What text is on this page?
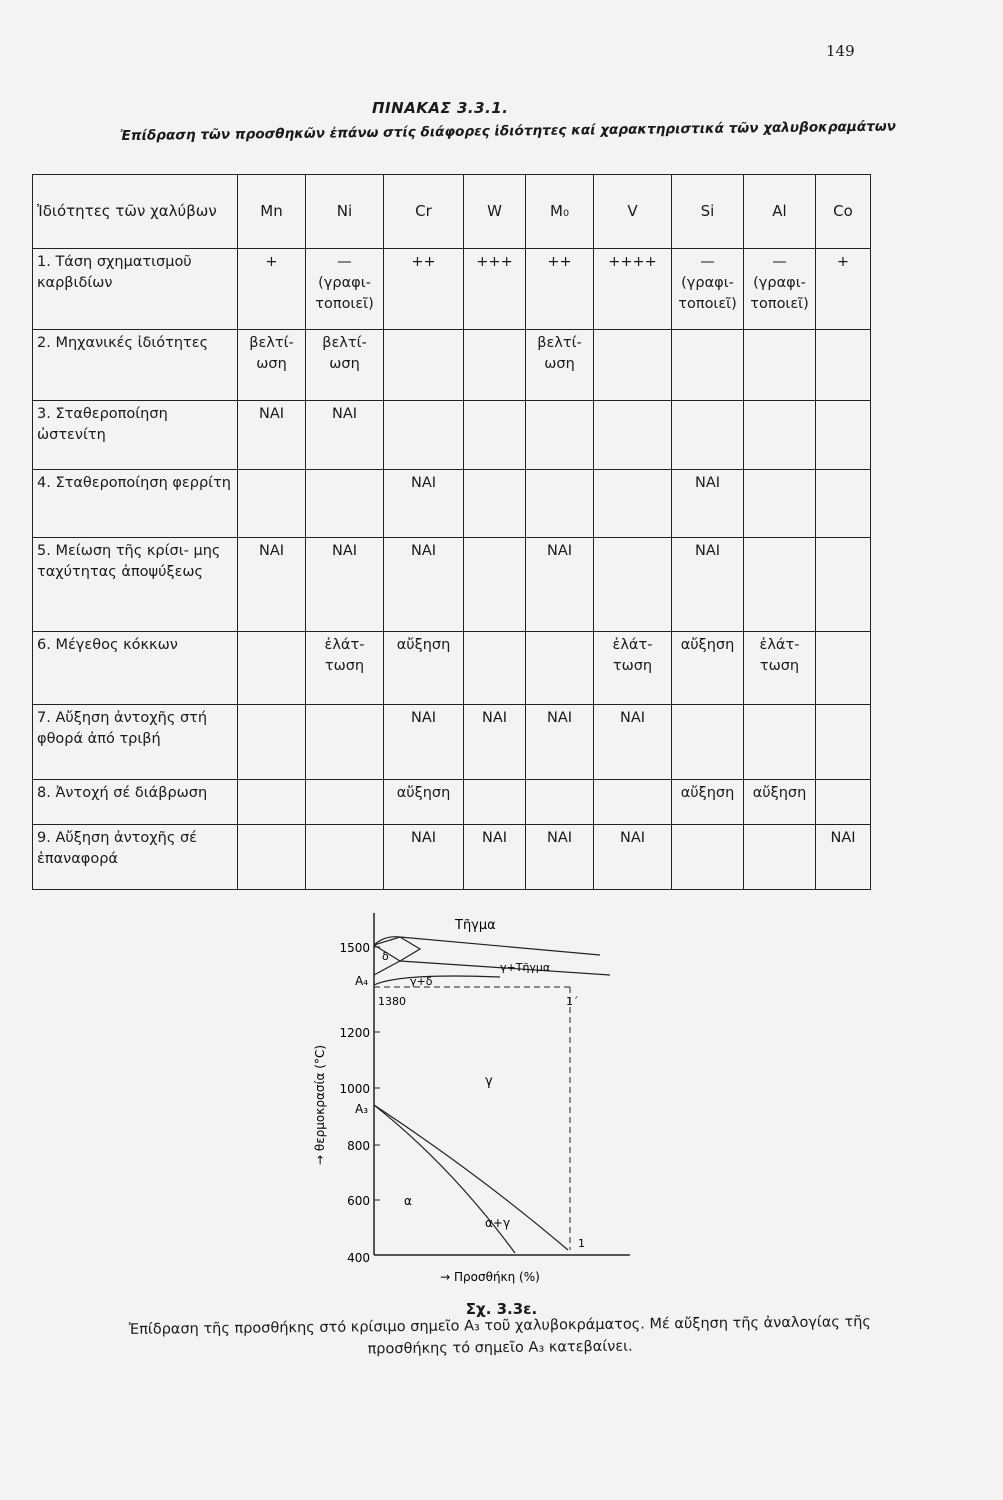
149
ΠΙΝΑΚΑΣ 3.3.1.
Ἐπίδραση τῶν προσθηκῶν ἐπάνω στίς διάφορες ἰδιότητες καί χαρακτηριστικά τῶν χαλυβοκραμάτων
Ἰδιότητες τῶν χαλύβων	Mn	Ni	Cr	W	M₀	V	Si	Al	Co
1. Τάση σχηματισμοῦ καρβιδίων	+	— (γραφι- τοποιεῖ)	++	+++	++	++++	— (γραφι- τοποιεῖ)	— (γραφι- τοποιεῖ)	+
2. Μηχανικές ἰδιότητες	βελτί- ωση	βελτί- ωση			βελτί- ωση				
3. Σταθεροποίηση ὠστενίτη	ΝΑΙ	ΝΑΙ							
4. Σταθεροποίηση φερρίτη			ΝΑΙ				ΝΑΙ		
5. Μείωση τῆς κρίσι- μης ταχύτητας ἀποψύξεως	ΝΑΙ	ΝΑΙ	ΝΑΙ		ΝΑΙ		ΝΑΙ		
6. Μέγεθος κόκκων		ἐλάτ- τωση	αὔξηση			ἐλάτ- τωση	αὔξηση	ἐλάτ- τωση	
7. Αὔξηση ἀντοχῆς στή φθορά ἀπό τριβή			ΝΑΙ	ΝΑΙ	ΝΑΙ	ΝΑΙ			
8. Ἀντοχή σέ διάβρωση			αὔξηση				αὔξηση	αὔξηση	
9. Αὔξηση ἀντοχῆς σέ ἐπαναφορά			ΝΑΙ	ΝΑΙ	ΝΑΙ	ΝΑΙ			ΝΑΙ
1500
1200
1000
800
600
400
Τῆγμα
δ
γ+δ
γ+Τῆγμα
A₄
1380	1´
γ
A₃
α
α+γ
1
→ θερμοκρασία (°C)
→ Προσθήκη (%)
Σχ. 3.3ε.
Ἐπίδραση τῆς προσθήκης στό κρίσιμο σημεῖο A₃ τοῦ χαλυβοκράματος. Μέ αὔξηση τῆς ἀναλογίας τῆς προσθήκης τό σημεῖο A₃ κατεβαίνει.
